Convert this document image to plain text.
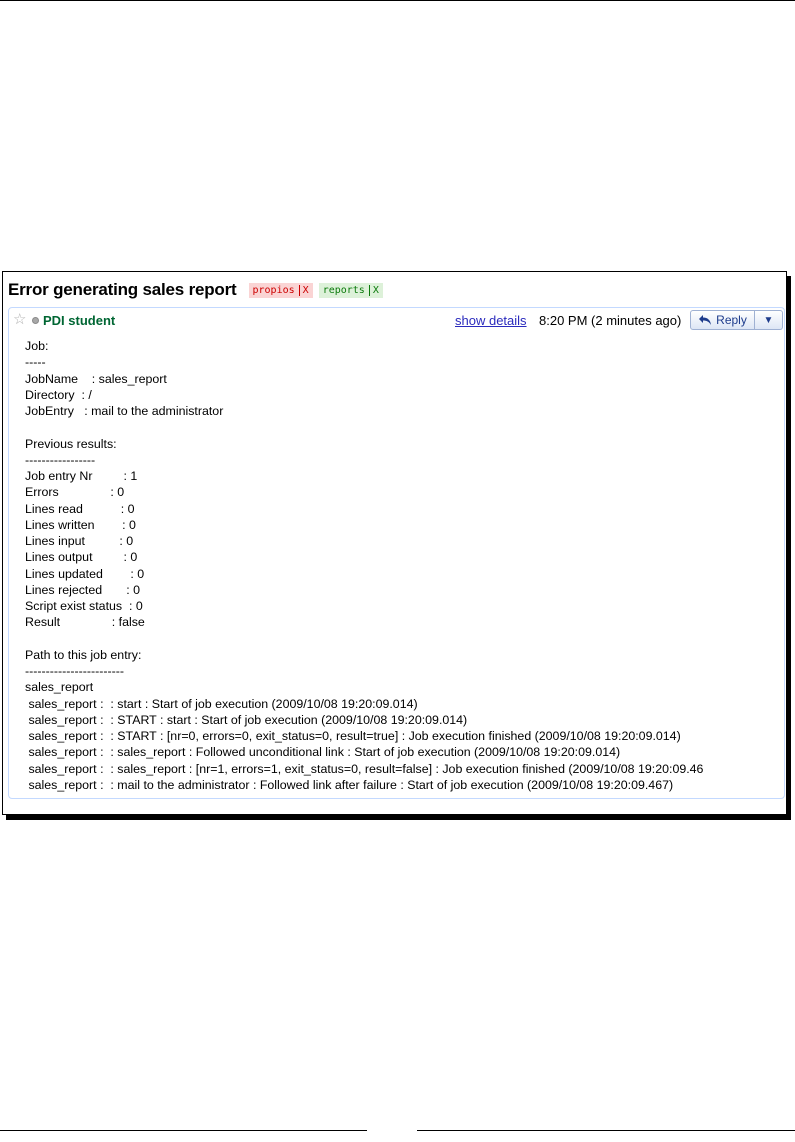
Error generating sales report propios X reports X
☆ PDI student	show details 8:20 PM (2 minutes ago)	Reply	▼
Job:
-----
JobName    : sales_report
Directory  : /
JobEntry   : mail to the administrator
Previous results:
-----------------
Job entry Nr         : 1
Errors               : 0
Lines read           : 0
Lines written        : 0
Lines input          : 0
Lines output         : 0
Lines updated        : 0
Lines rejected       : 0
Script exist status  : 0
Result               : false
Path to this job entry:
------------------------
sales_report
sales_report :  : start : Start of job execution (2009/10/08 19:20:09.014)
sales_report :  : START : start : Start of job execution (2009/10/08 19:20:09.014)
sales_report :  : START : [nr=0, errors=0, exit_status=0, result=true] : Job execution finished (2009/10/08 19:20:09.014)
sales_report :  : sales_report : Followed unconditional link : Start of job execution (2009/10/08 19:20:09.014)
sales_report :  : sales_report : [nr=1, errors=1, exit_status=0, result=false] : Job execution finished (2009/10/08 19:20:09.46
sales_report :  : mail to the administrator : Followed link after failure : Start of job execution (2009/10/08 19:20:09.467)
